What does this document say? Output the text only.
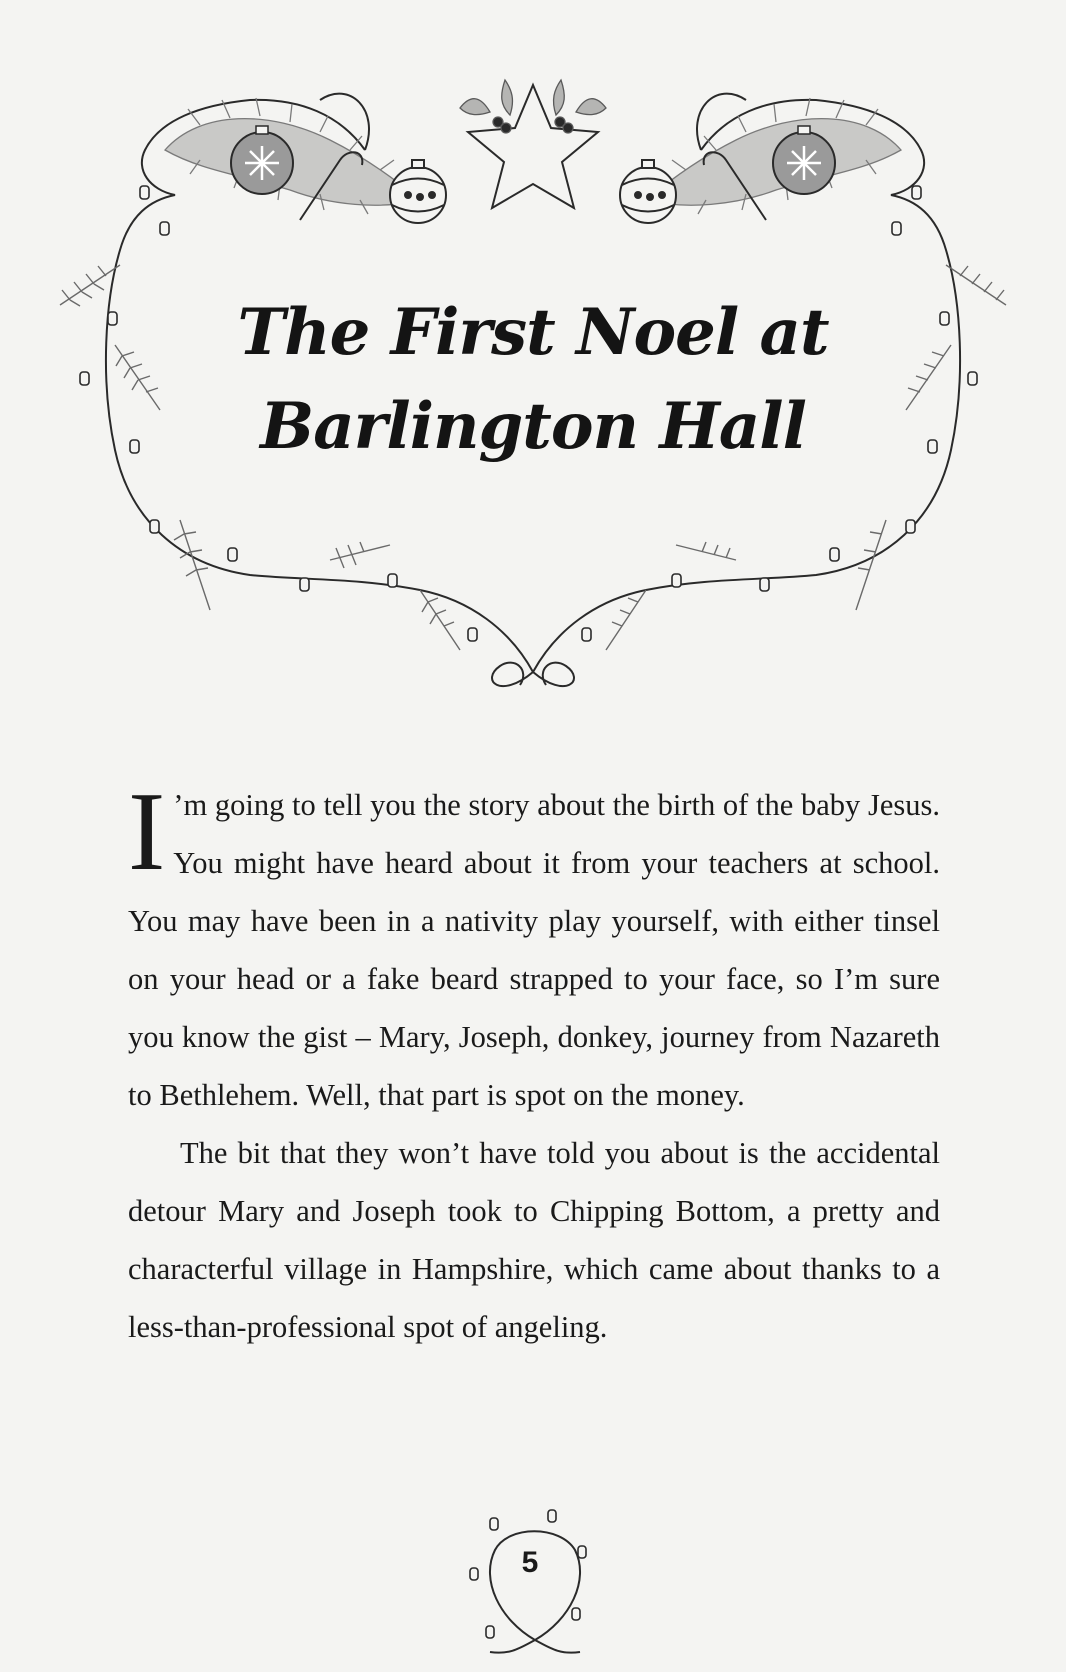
The First Noel at
Barlington Hall

I ’m going to tell you the story about the birth of the baby Jesus. You might have heard about it from your teachers at school. You may have been in a nativity play yourself, with either tinsel on your head or a fake beard strapped to your face, so I’m sure you know the gist – Mary, Joseph, donkey, journey from Nazareth to Bethlehem. Well, that part is spot on the money.

The bit that they won’t have told you about is the accidental detour Mary and Joseph took to Chipping Bottom, a pretty and characterful village in Hampshire, which came about thanks to a less-than-professional spot of angeling.

5
